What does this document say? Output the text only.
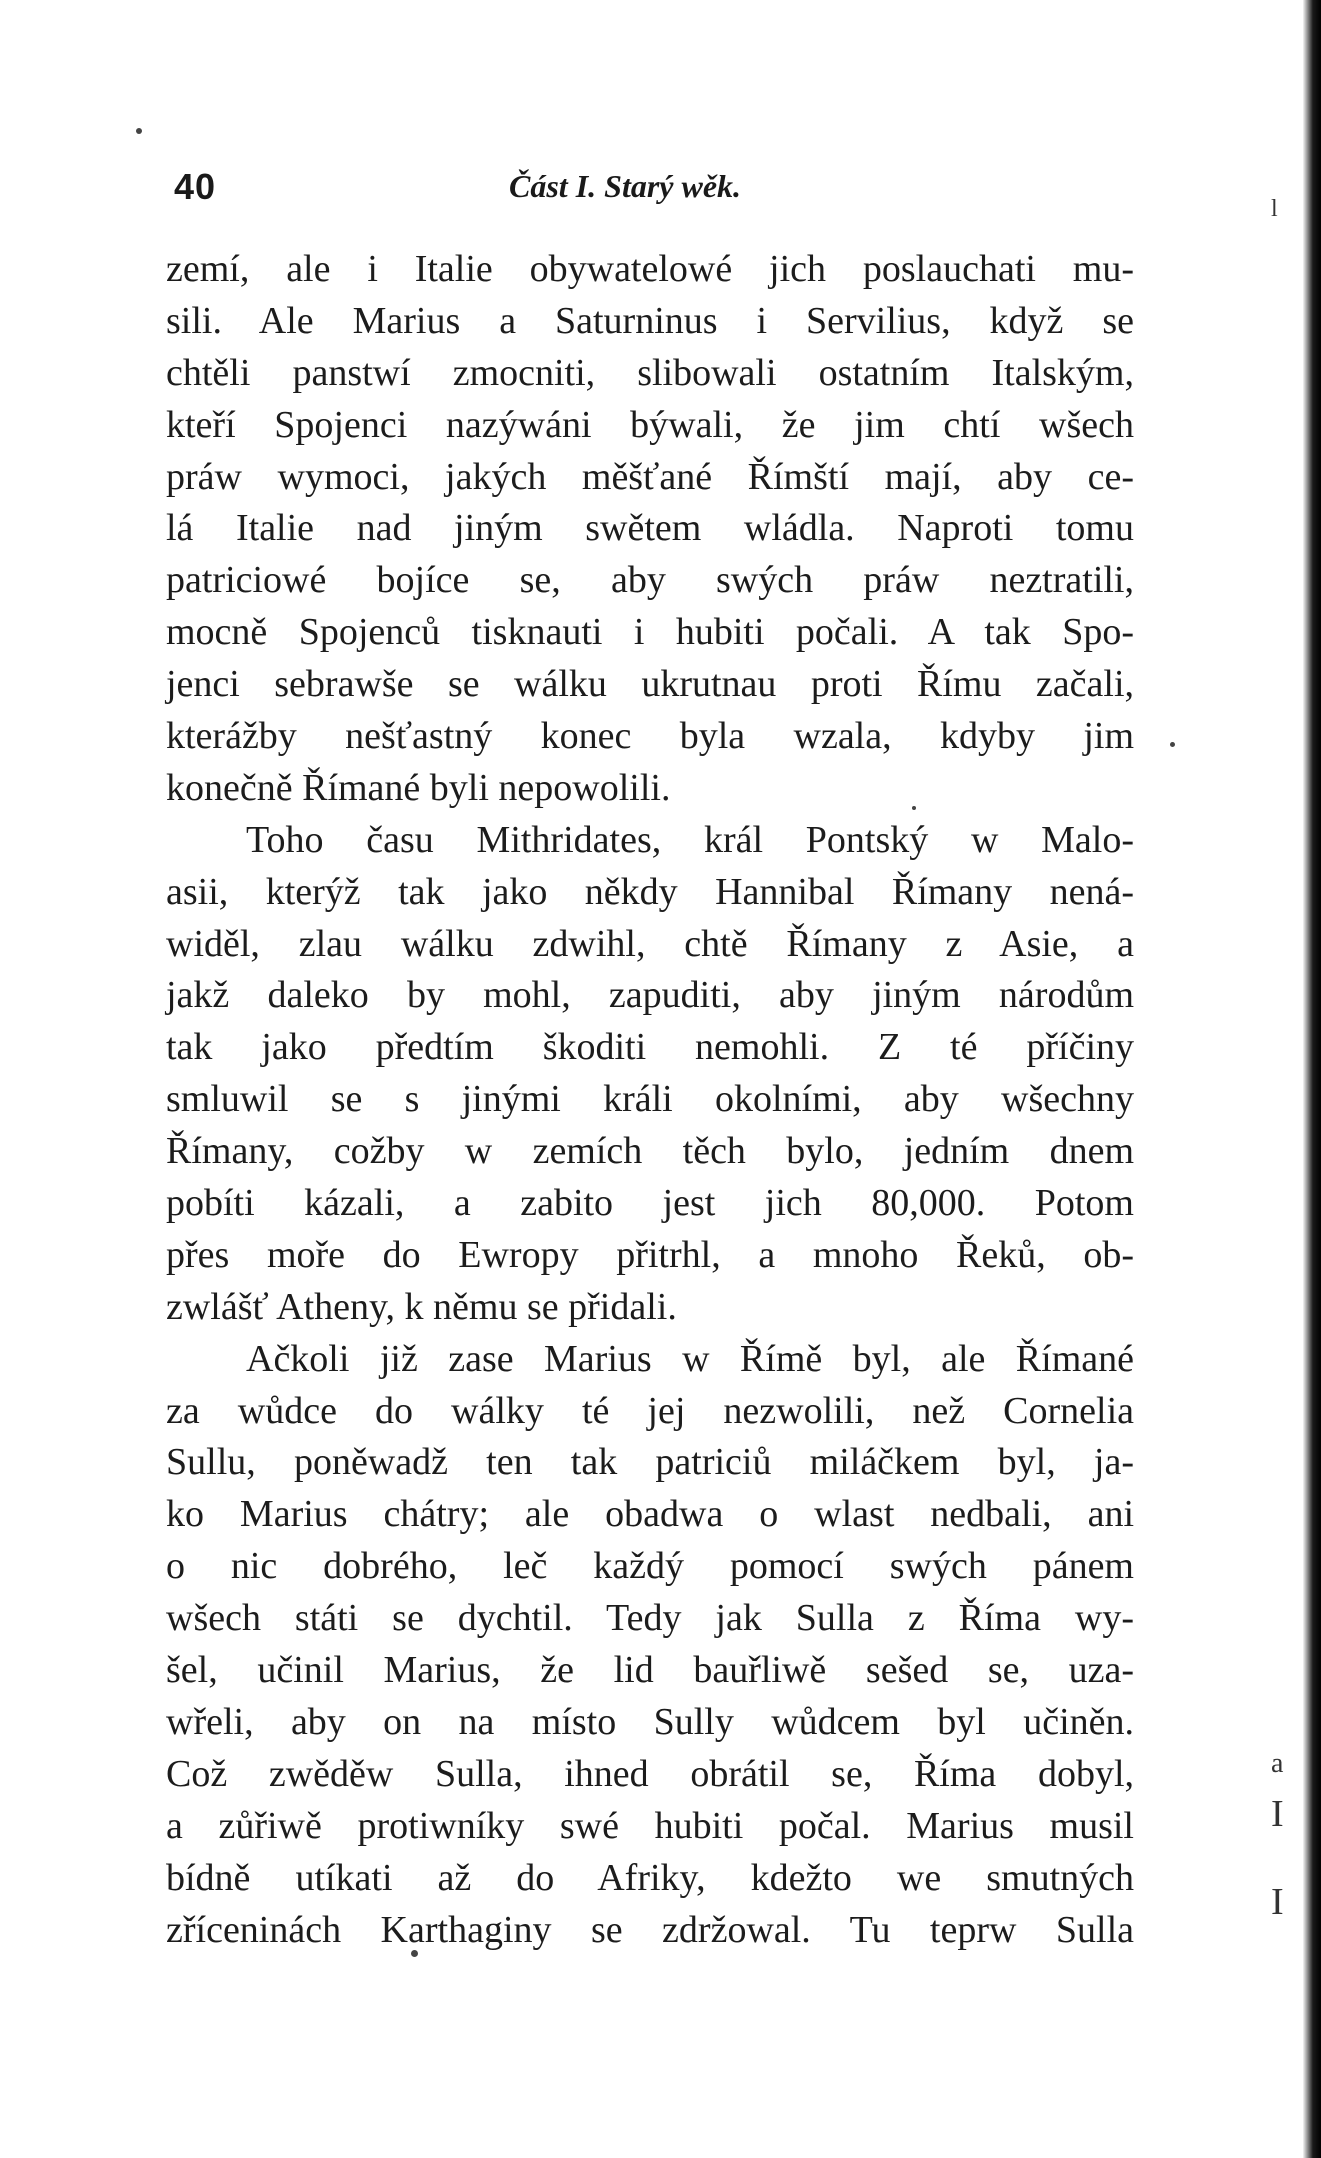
40	Část I. Starý wěk.
zemí, ale i Italie obywatelowé jich poslauchati mu-
sili. Ale Marius a Saturninus i Servilius, když se
chtěli panstwí zmocniti, slibowali ostatním Italským,
kteří Spojenci nazýwáni býwali, že jim chtí wšech
práw wymoci, jakých měšťané Římští mají, aby ce-
lá Italie nad jiným swětem wládla. Naproti tomu
patriciowé bojíce se, aby swých práw neztratili,
mocně Spojenců tisknauti i hubiti počali. A tak Spo-
jenci sebrawše se wálku ukrutnau proti Římu začali,
kterážby nešťastný konec byla wzala, kdyby jim
konečně Římané byli nepowolili.
Toho času Mithridates, král Pontský w Malo-
asii, kterýž tak jako někdy Hannibal Římany nená-
widěl, zlau wálku zdwihl, chtě Římany z Asie, a
jakž daleko by mohl, zapuditi, aby jiným národům
tak jako předtím škoditi nemohli. Z té příčiny
smluwil se s jinými králi okolními, aby wšechny
Římany, cožby w zemích těch bylo, jedním dnem
pobíti kázali, a zabito jest jich 80,000. Potom
přes moře do Ewropy přitrhl, a mnoho Řeků, ob-
zwlášť Atheny, k němu se přidali.
Ačkoli již zase Marius w Římě byl, ale Římané
za wůdce do wálky té jej nezwolili, než Cornelia
Sullu, poněwadž ten tak patriciů miláčkem byl, ja-
ko Marius chátry; ale obadwa o wlast nedbali, ani
o nic dobrého, leč každý pomocí swých pánem
wšech státi se dychtil. Tedy jak Sulla z Říma wy-
šel, učinil Marius, že lid bauřliwě sešed se, uza-
wřeli, aby on na místo Sully wůdcem byl učiněn.
Což zwěděw Sulla, ihned obrátil se, Říma dobyl,
a zůřiwě protiwníky swé hubiti počal. Marius musil
bídně utíkati až do Afriky, kdežto we smutných
zříceninách Karthaginy se zdržowal. Tu teprw Sulla
l
a
I
I
